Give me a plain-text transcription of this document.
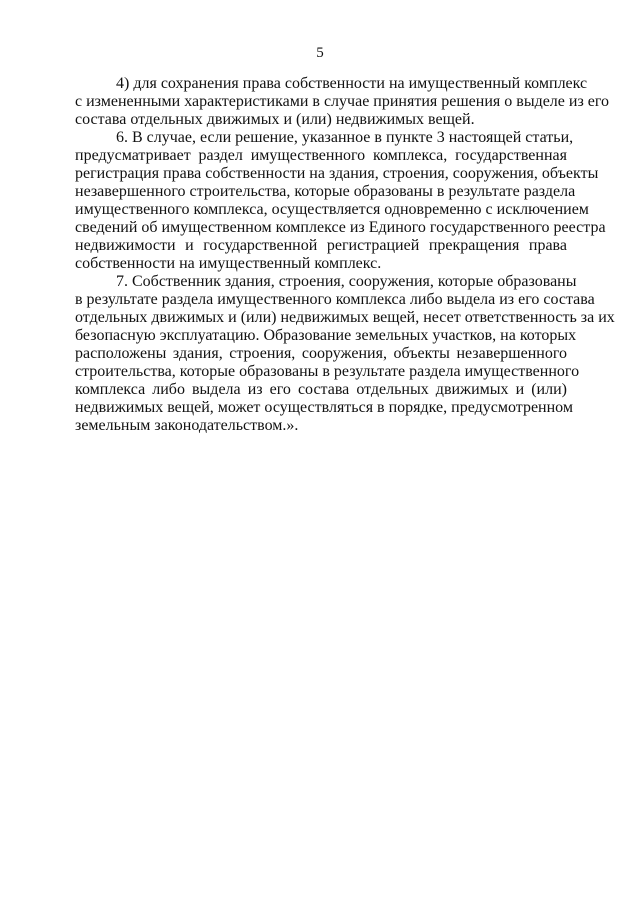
5
4) для сохранения права собственности на имущественный комплекс
с измененными характеристиками в случае принятия решения о выделе из его
состава отдельных движимых и (или) недвижимых вещей.
6. В случае, если решение, указанное в пункте 3 настоящей статьи,
предусматривает раздел имущественного комплекса, государственная
регистрация права собственности на здания, строения, сооружения, объекты
незавершенного строительства, которые образованы в результате раздела
имущественного комплекса, осуществляется одновременно с исключением
сведений об имущественном комплексе из Единого государственного реестра
недвижимости и государственной регистрацией прекращения права
собственности на имущественный комплекс.
7. Собственник здания, строения, сооружения, которые образованы
в результате раздела имущественного комплекса либо выдела из его состава
отдельных движимых и (или) недвижимых вещей, несет ответственность за их
безопасную эксплуатацию. Образование земельных участков, на которых
расположены здания, строения, сооружения, объекты незавершенного
строительства, которые образованы в результате раздела имущественного
комплекса либо выдела из его состава отдельных движимых и (или)
недвижимых вещей, может осуществляться в порядке, предусмотренном
земельным законодательством.».
